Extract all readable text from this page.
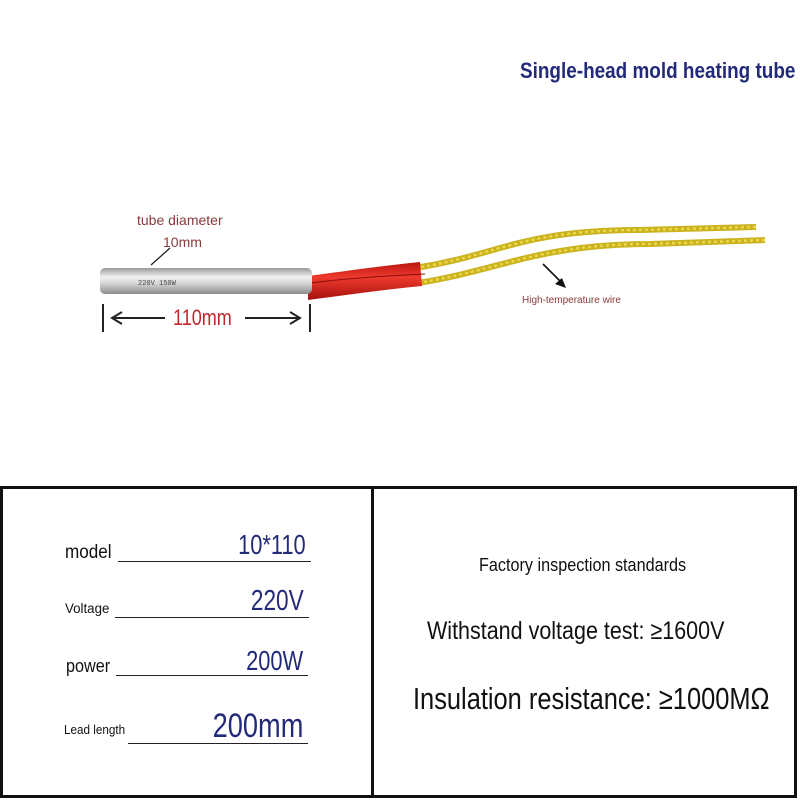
Single-head mold heating tube
220V 150W
tube diameter
10mm
110mm
High-temperature wire
model	10*110
Voltage	220V
power	200W
Lead length	200mm
Factory inspection standards
Withstand voltage test: ≥1600V
Insulation resistance: ≥1000MΩ
